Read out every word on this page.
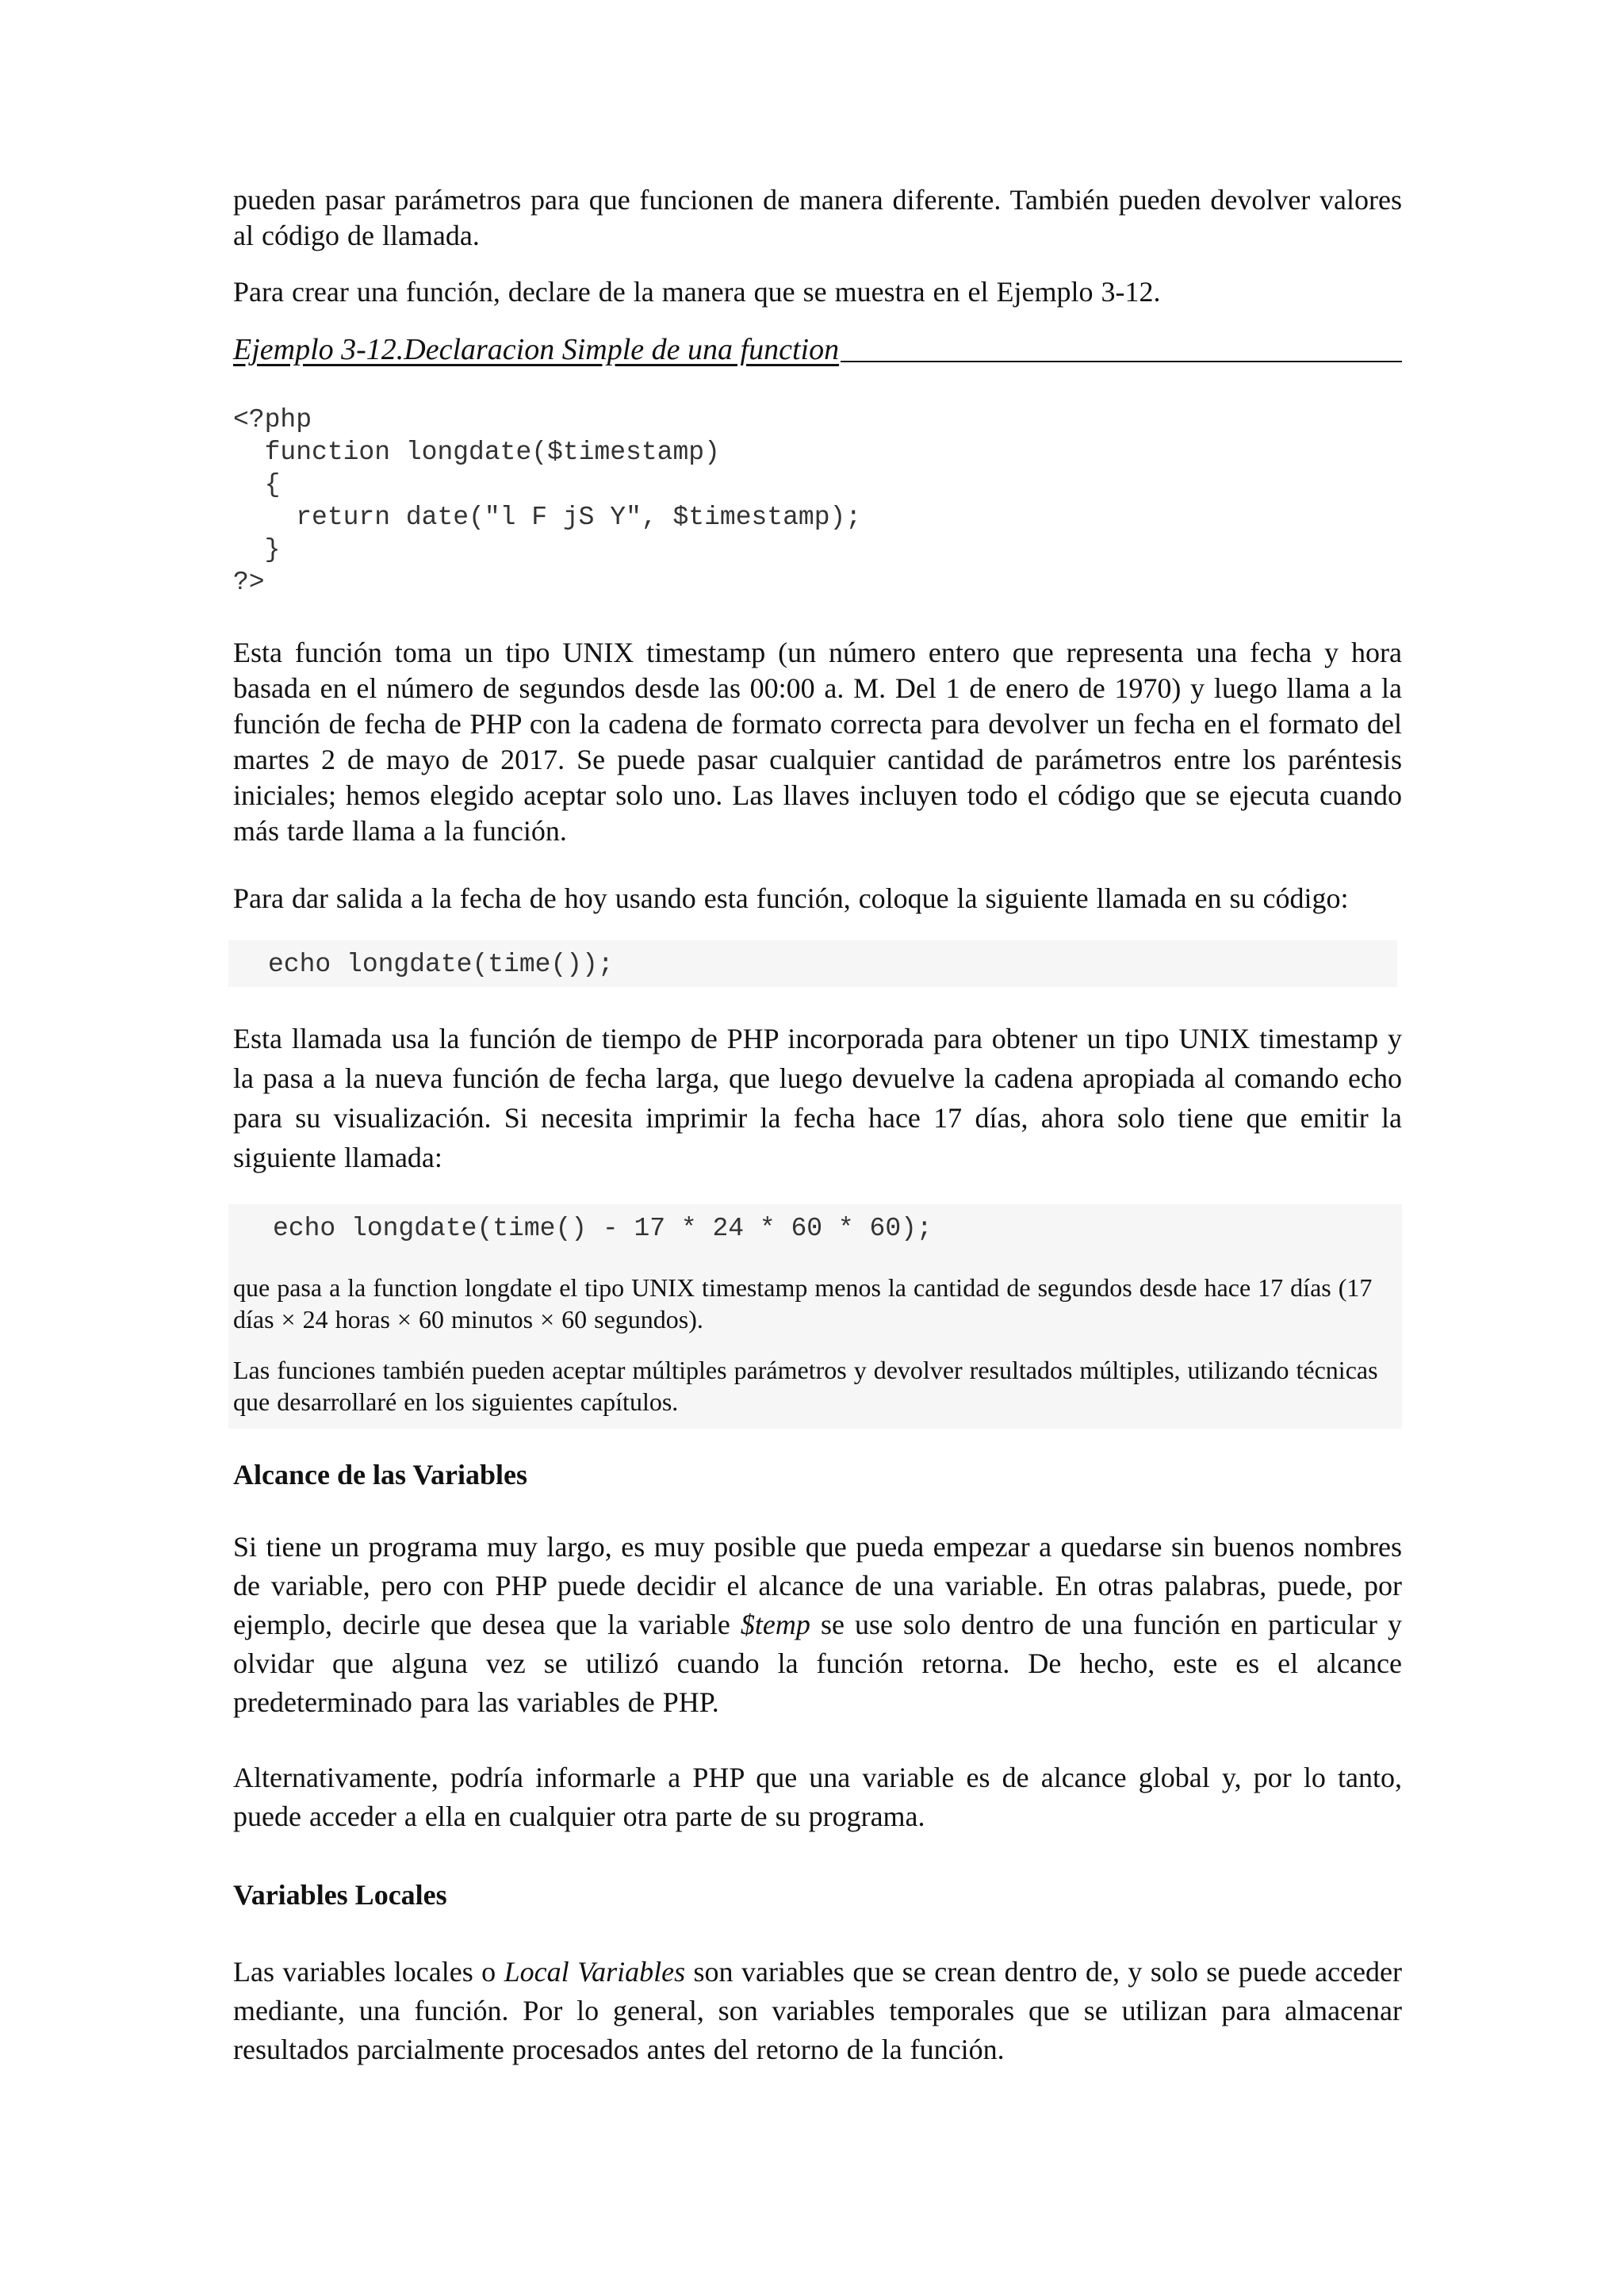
pueden pasar parámetros para que funcionen de manera diferente. También pueden devolver valores al código de llamada.

Para crear una función, declare de la manera que se muestra en el Ejemplo 3-12.

Ejemplo 3-12.Declaracion Simple de una function
<?php
function longdate($timestamp)
{
return date("l F jS Y", $timestamp);
}
?>

Esta función toma un tipo UNIX timestamp (un número entero que representa una fecha y hora basada en el número de segundos desde las 00:00 a. M. Del 1 de enero de 1970) y luego llama a la función de fecha de PHP con la cadena de formato correcta para devolver un fecha en el formato del martes 2 de mayo de 2017. Se puede pasar cualquier cantidad de parámetros entre los paréntesis iniciales; hemos elegido aceptar solo uno. Las llaves incluyen todo el código que se ejecuta cuando más tarde llama a la función.

Para dar salida a la fecha de hoy usando esta función, coloque la siguiente llamada en su código:

echo longdate(time());

Esta llamada usa la función de tiempo de PHP incorporada para obtener un tipo UNIX timestamp y la pasa a la nueva función de fecha larga, que luego devuelve la cadena apropiada al comando echo para su visualización. Si necesita imprimir la fecha hace 17 días, ahora solo tiene que emitir la siguiente llamada:

echo longdate(time() - 17 * 24 * 60 * 60);

que pasa a la function longdate el tipo UNIX timestamp menos la cantidad de segundos desde hace 17 días (17 días × 24 horas × 60 minutos × 60 segundos).

Las funciones también pueden aceptar múltiples parámetros y devolver resultados múltiples, utilizando técnicas que desarrollaré en los siguientes capítulos.

Alcance de las Variables

Si tiene un programa muy largo, es muy posible que pueda empezar a quedarse sin buenos nombres de variable, pero con PHP puede decidir el alcance de una variable. En otras palabras, puede, por ejemplo, decirle que desea que la variable $temp se use solo dentro de una función en particular y olvidar que alguna vez se utilizó cuando la función retorna. De hecho, este es el alcance predeterminado para las variables de PHP.

Alternativamente, podría informarle a PHP que una variable es de alcance global y, por lo tanto, puede acceder a ella en cualquier otra parte de su programa.

Variables Locales

Las variables locales o Local Variables son variables que se crean dentro de, y solo se puede acceder mediante, una función. Por lo general, son variables temporales que se utilizan para almacenar resultados parcialmente procesados antes del retorno de la función.
